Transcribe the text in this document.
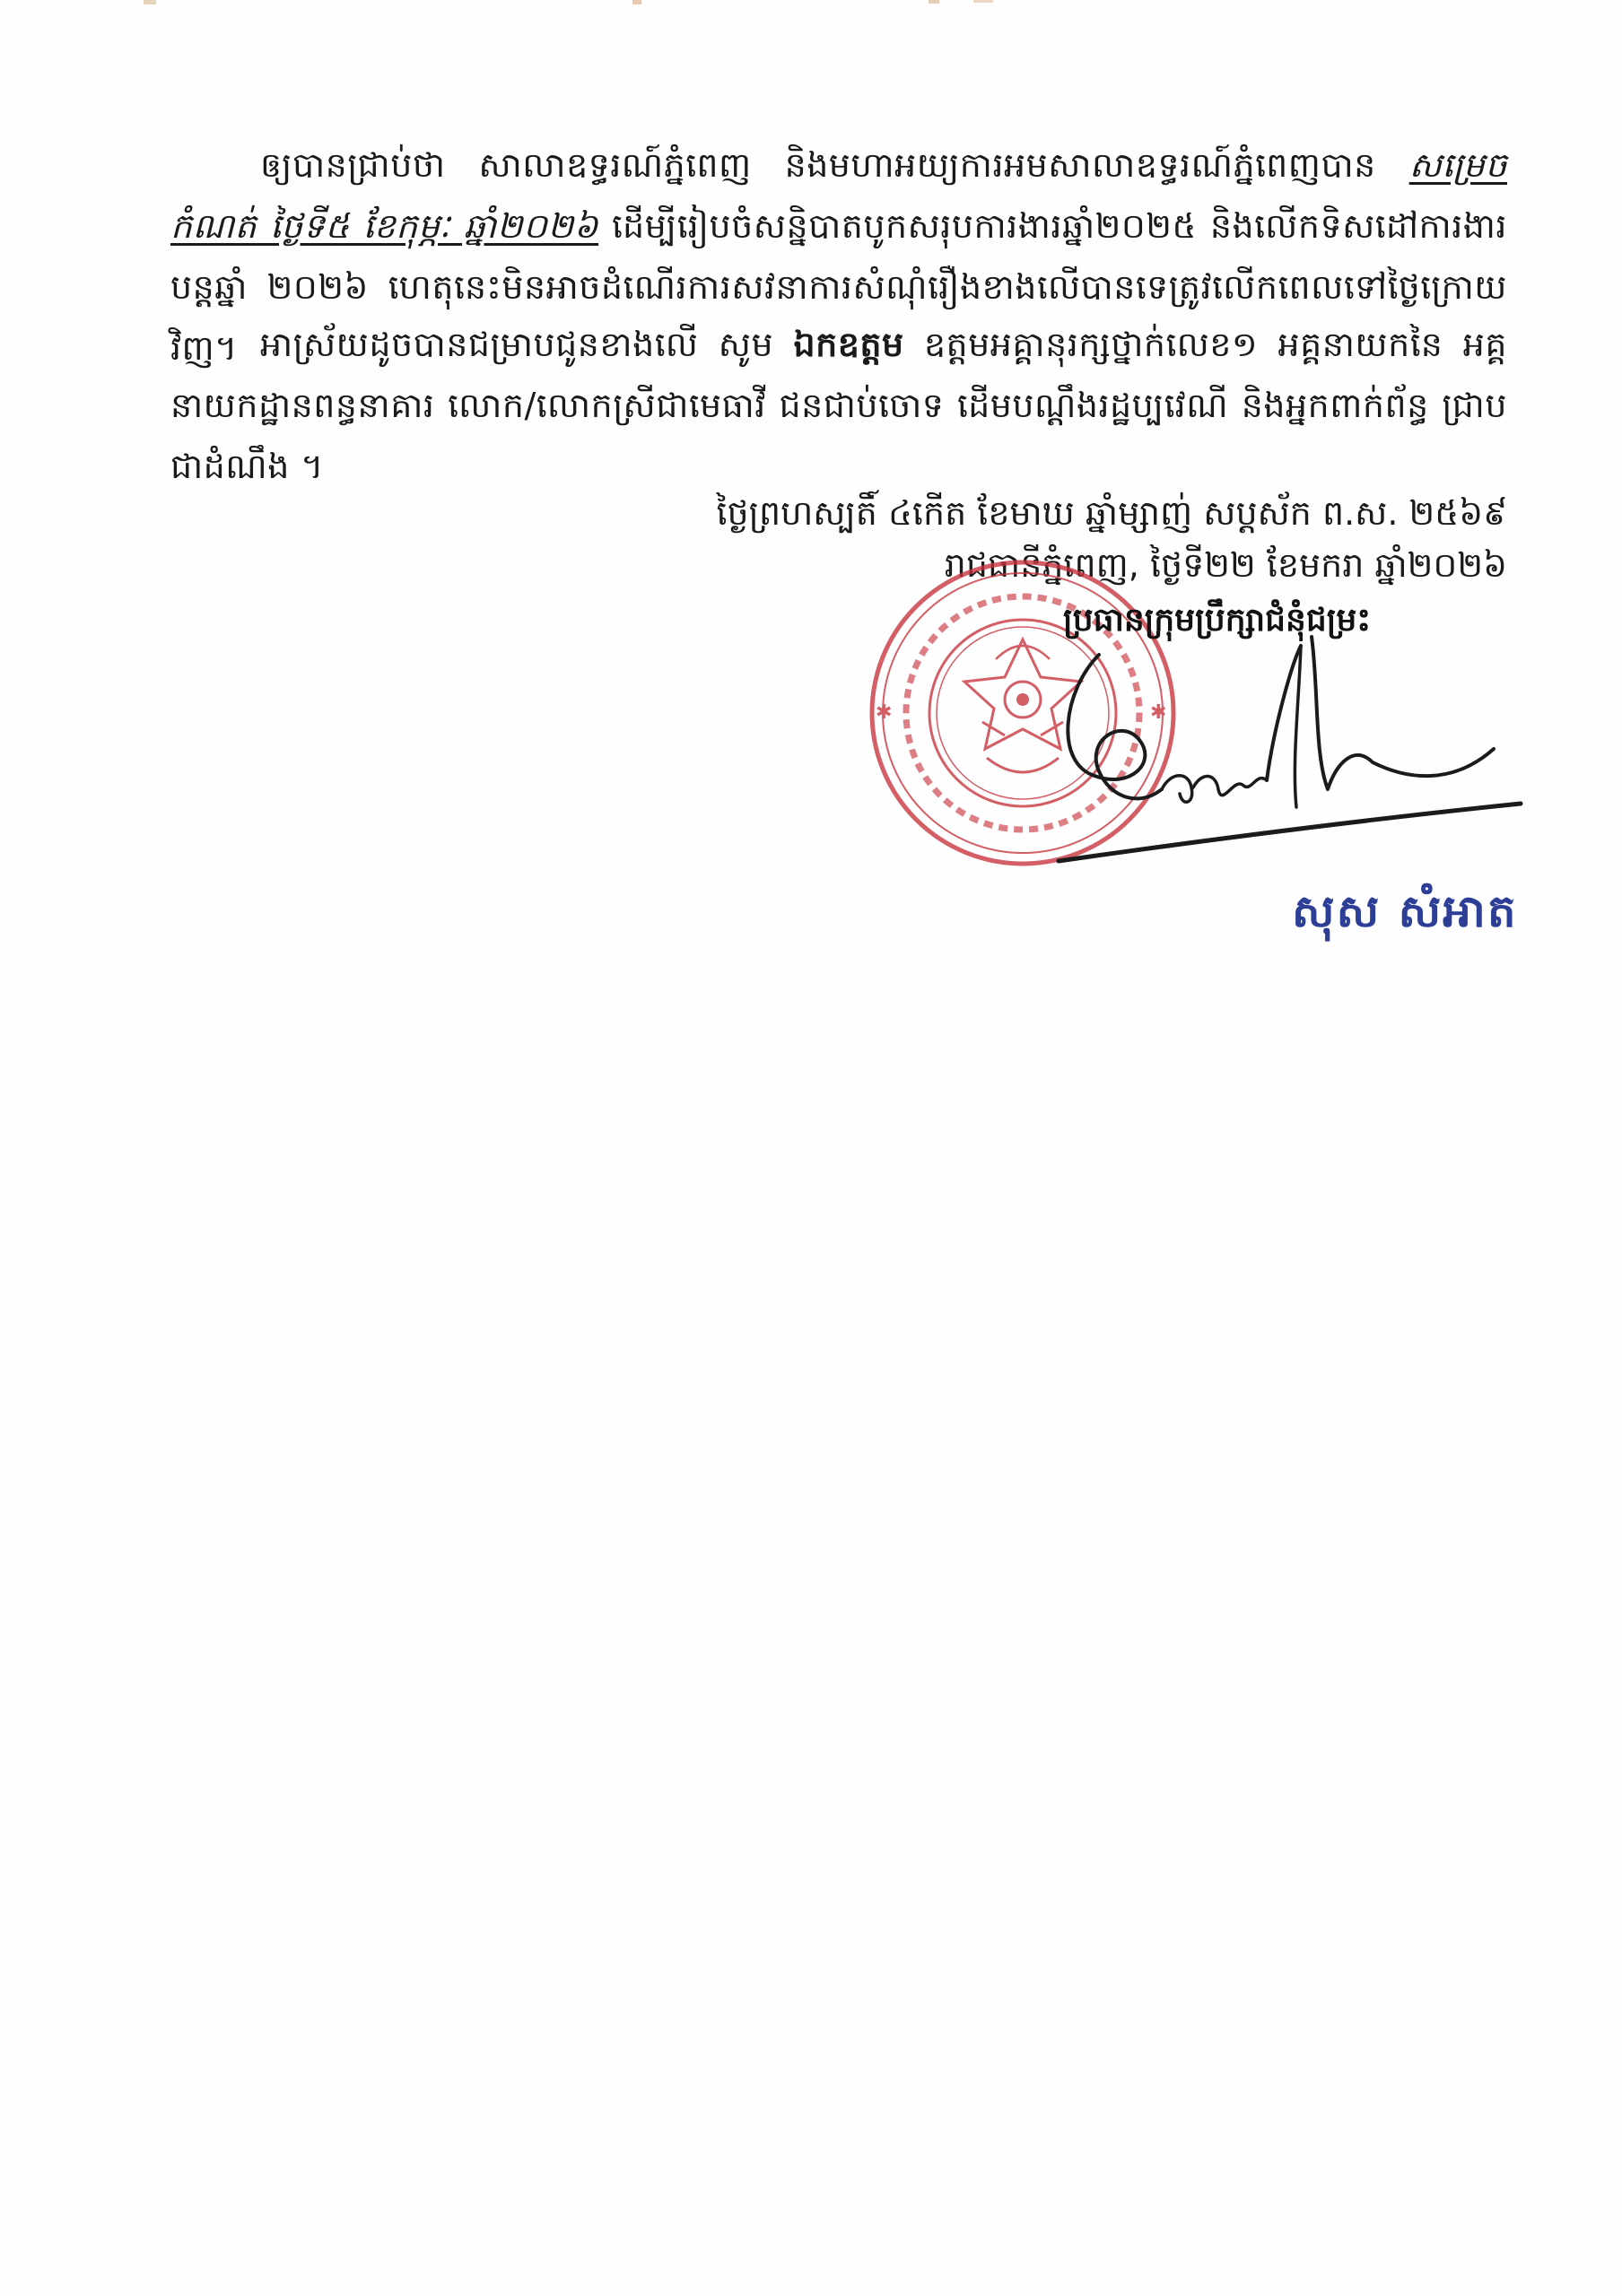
ឲ្យបានជ្រាប់ថា សាលាឧទ្ធរណ៍ភ្នំពេញ និងមហាអយ្យការអមសាលាឧទ្ធរណ៍ភ្នំពេញបាន សម្រេចកំណត់ ថ្ងៃទី៥ ខែកុម្ភៈ ឆ្នាំ២០២៦ ដើម្បីរៀបចំសន្និបាតបូកសរុបការងារឆ្នាំ២០២៥ និងលើកទិសដៅការងារបន្តឆ្នាំ ២០២៦ ហេតុនេះមិនអាចដំណើរការសវនាការសំណុំរឿងខាងលើបានទេត្រូវលើកពេលទៅថ្ងៃក្រោយវិញ។ អាស្រ័យដូចបានជម្រាបជូនខាងលើ សូម ឯកឧត្តម ឧត្តមអគ្គានុរក្សថ្នាក់លេខ១ អគ្គនាយកនៃ អគ្គនាយកដ្ឋានពន្ធនាគារ លោក/លោកស្រីជាមេធាវី ជនជាប់ចោទ ដើមបណ្ដឹងរដ្ឋប្បវេណី និងអ្នកពាក់ព័ន្ធ ជ្រាប ជាដំណឹង ។
ថ្ងៃព្រហស្បតិ៍ ៤កើត ខែមាឃ ឆ្នាំម្សាញ់ សប្តស័ក ព.ស. ២៥៦៩
រាជធានីភ្នំពេញ, ថ្ងៃទី២២ ខែមករា ឆ្នាំ២០២៦
✱	✱
ប្រធានក្រុមប្រឹក្សាជំនុំជម្រះ
សុស សំអាត
